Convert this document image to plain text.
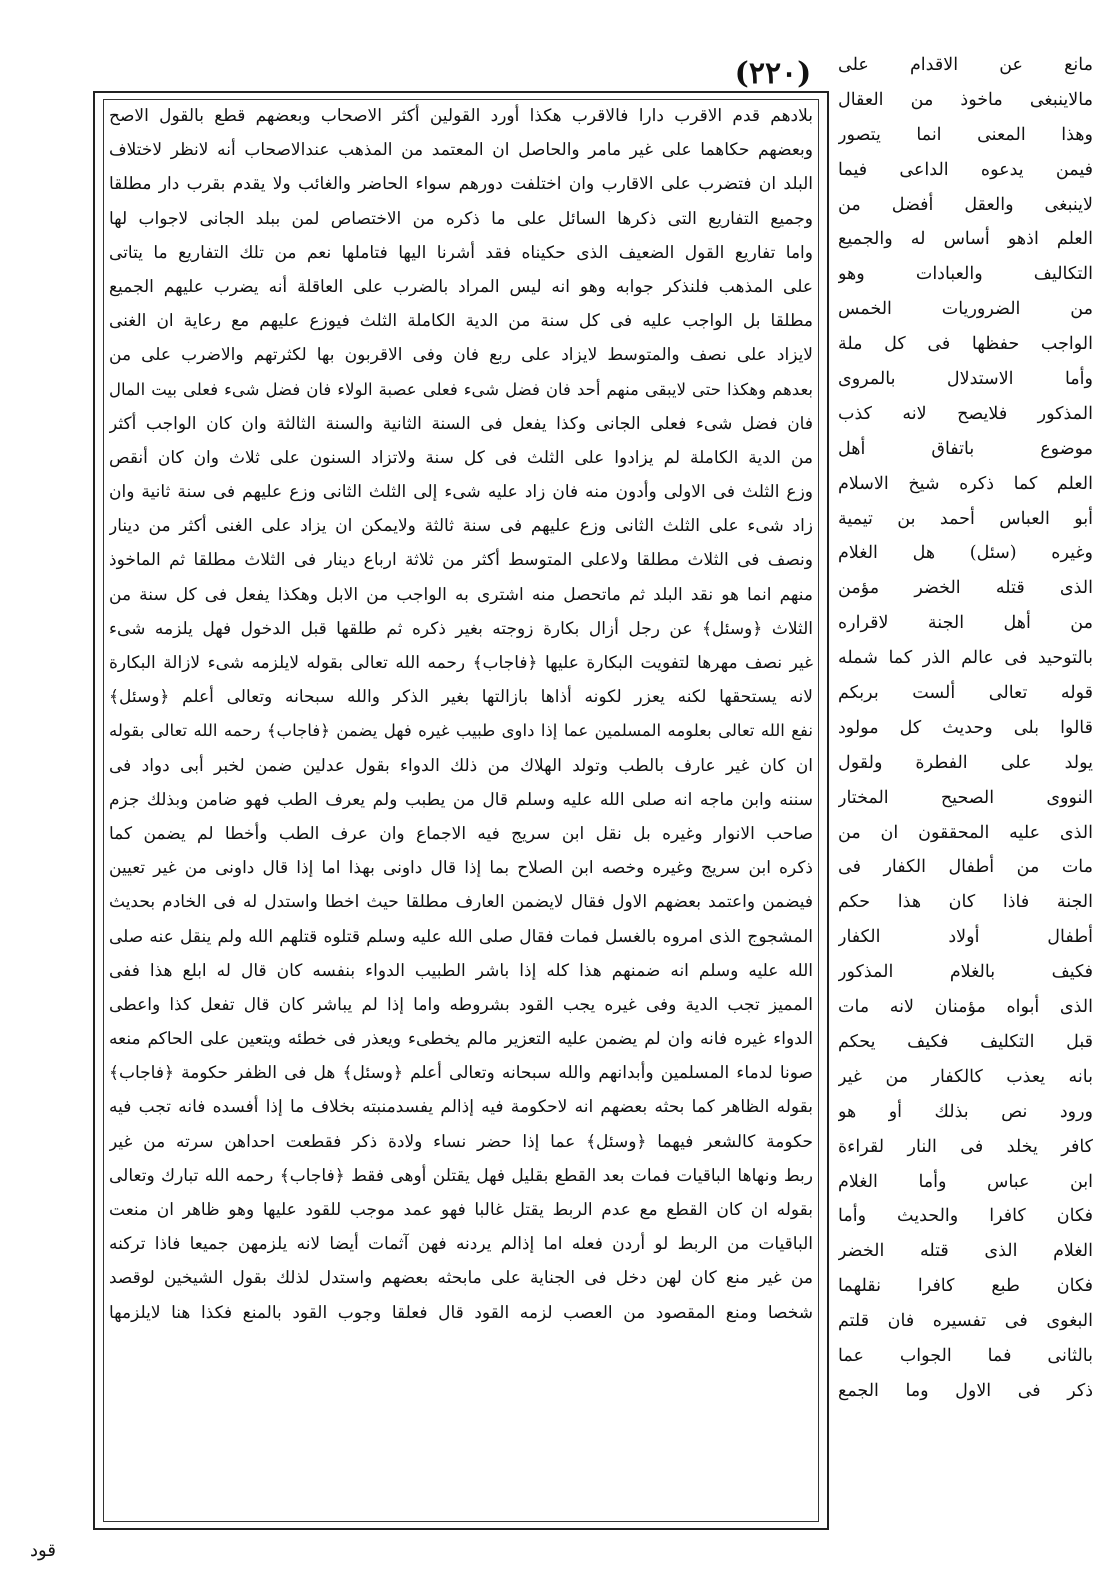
(٢٢٠)
بلادهم قدم الاقرب دارا فالاقرب هكذا أورد القولين أكثر الاصحاب وبعضهم قطع بالقول الاصح
وبعضهم حكاهما على غير مامر والحاصل ان المعتمد من المذهب عندالاصحاب أنه لانظر لاختلاف
البلد ان فتضرب على الاقارب وان اختلفت دورهم سواء الحاضر والغائب ولا يقدم بقرب دار مطلقا
وجميع التفاريع التى ذكرها السائل على ما ذكره من الاختصاص لمن ببلد الجانى لاجواب لها
واما تفاريع القول الضعيف الذى حكيناه فقد أشرنا اليها فتاملها نعم من تلك التفاريع ما يتاتى
على المذهب فلنذكر جوابه وهو انه ليس المراد بالضرب على العاقلة أنه يضرب عليهم الجميع
مطلقا بل الواجب عليه فى كل سنة من الدية الكاملة الثلث فيوزع عليهم مع رعاية ان الغنى
لايزاد على نصف والمتوسط لايزاد على ربع فان وفى الاقربون بها لكثرتهم والاضرب على من
بعدهم وهكذا حتى لايبقى منهم أحد فان فضل شىء فعلى عصبة الولاء فان فضل شىء فعلى بيت المال
فان فضل شىء فعلى الجانى وكذا يفعل فى السنة الثانية والسنة الثالثة وان كان الواجب أكثر
من الدية الكاملة لم يزادوا على الثلث فى كل سنة ولاتزاد السنون على ثلاث وان كان أنقص
وزع الثلث فى الاولى وأدون منه فان زاد عليه شىء إلى الثلث الثانى وزع عليهم فى سنة ثانية وان
زاد شىء على الثلث الثانى وزع عليهم فى سنة ثالثة ولايمكن ان يزاد على الغنى أكثر من دينار
ونصف فى الثلاث مطلقا ولاعلى المتوسط أكثر من ثلاثة ارباع دينار فى الثلاث مطلقا ثم الماخوذ
منهم انما هو نقد البلد ثم ماتحصل منه اشترى به الواجب من الابل وهكذا يفعل فى كل سنة من
الثلاث ﴿وسئل﴾ عن رجل أزال بكارة زوجته بغير ذكره ثم طلقها قبل الدخول فهل يلزمه شىء
غير نصف مهرها لتفويت البكارة عليها ﴿فاجاب﴾ رحمه الله تعالى بقوله لايلزمه شىء لازالة البكارة
لانه يستحقها لكنه يعزر لكونه أذاها بازالتها بغير الذكر والله سبحانه وتعالى أعلم ﴿وسئل﴾
نفع الله تعالى بعلومه المسلمين عما إذا داوى طبيب غيره فهل يضمن ﴿فاجاب﴾ رحمه الله تعالى بقوله
ان كان غير عارف بالطب وتولد الهلاك من ذلك الدواء بقول عدلين ضمن لخبر أبى دواد فى
سننه وابن ماجه انه صلى الله عليه وسلم قال من يطبب ولم يعرف الطب فهو ضامن وبذلك جزم
صاحب الانوار وغيره بل نقل ابن سريج فيه الاجماع وان عرف الطب وأخطا لم يضمن كما
ذكره ابن سريج وغيره وخصه ابن الصلاح بما إذا قال داونى بهذا اما إذا قال داونى من غير تعيين
فيضمن واعتمد بعضهم الاول فقال لايضمن العارف مطلقا حيث اخطا واستدل له فى الخادم بحديث
المشجوج الذى امروه بالغسل فمات فقال صلى الله عليه وسلم قتلوه قتلهم الله ولم ينقل عنه صلى
الله عليه وسلم انه ضمنهم هذا كله إذا باشر الطبيب الدواء بنفسه كان قال له ابلع هذا ففى
المميز تجب الدية وفى غيره يجب القود بشروطه واما إذا لم يباشر كان قال تفعل كذا واعطى
الدواء غيره فانه وان لم يضمن عليه التعزير مالم يخطىء ويعذر فى خطئه ويتعين على الحاكم منعه
صونا لدماء المسلمين وأبدانهم والله سبحانه وتعالى أعلم ﴿وسئل﴾ هل فى الظفر حكومة ﴿فاجاب﴾
بقوله الظاهر كما بحثه بعضهم انه لاحكومة فيه إذالم يفسدمنبته بخلاف ما إذا أفسده فانه تجب فيه
حكومة كالشعر فيهما ﴿وسئل﴾ عما إذا حضر نساء ولادة ذكر فقطعت احداهن سرته من غير
ربط ونهاها الباقيات فمات بعد القطع بقليل فهل يقتلن أوهى فقط ﴿فاجاب﴾ رحمه الله تبارك وتعالى
بقوله ان كان القطع مع عدم الربط يقتل غالبا فهو عمد موجب للقود عليها وهو ظاهر ان منعت
الباقيات من الربط لو أردن فعله اما إذالم يردنه فهن آثمات أيضا لانه يلزمهن جميعا فاذا تركنه
من غير منع كان لهن دخل فى الجناية على مابحثه بعضهم واستدل لذلك بقول الشيخين لوقصد
شخصا ومنع المقصود من العصب لزمه القود قال فعلقا وجوب القود بالمنع فكذا هنا لايلزمها
مانع عن الاقدام على
مالاينبغى ماخوذ من العقال
وهذا المعنى انما يتصور
فيمن يدعوه الداعى فيما
لاينبغى والعقل أفضل من
العلم اذهو أساس له والجميع
التكاليف والعبادات وهو
من الضروريات الخمس
الواجب حفظها فى كل ملة
وأما الاستدلال بالمروى
المذكور فلايصح لانه كذب
موضوع باتفاق أهل
العلم كما ذكره شيخ الاسلام
أبو العباس أحمد بن تيمية
وغيره (سئل) هل الغلام
الذى قتله الخضر مؤمن
من أهل الجنة لاقراره
بالتوحيد فى عالم الذر كما شمله
قوله تعالى ألست بربكم
قالوا بلى وحديث كل مولود
يولد على الفطرة ولقول
النووى الصحيح المختار
الذى عليه المحققون ان من
مات من أطفال الكفار فى
الجنة فاذا كان هذا حكم
أطفال أولاد الكفار
فكيف بالغلام المذكور
الذى أبواه مؤمنان لانه مات
قبل التكليف فكيف يحكم
بانه يعذب كالكفار من غير
ورود نص بذلك أو هو
كافر يخلد فى النار لقراءة
ابن عباس وأما الغلام
فكان كافرا والحديث وأما
الغلام الذى قتله الخضر
فكان طبع كافرا نقلهما
البغوى فى تفسيره فان قلتم
بالثانى فما الجواب عما
ذكر فى الاول وما الجمع
قود
